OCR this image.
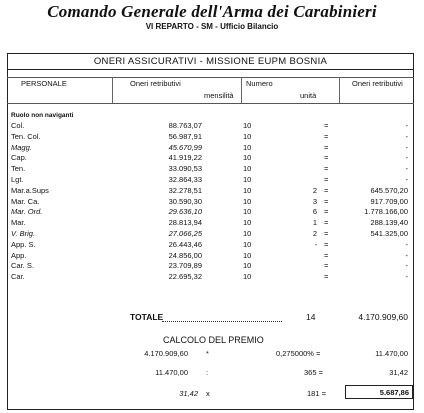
Comando Generale dell'Arma dei Carabinieri
VI REPARTO - SM - Ufficio Bilancio
ONERI ASSICURATIVI - MISSIONE EUPM BOSNIA
PERSONALE	Oneri retributivi	Numero	Oneri retributivi
mensilità	unità
Ruolo non naviganti
Col.	88.763,07	10	=	-
Ten. Col.	56.987,91	10	=	-
Magg.	45.670,99	10	=	-
Cap.	41.919,22	10	=	-
Ten.	33.090,53	10	=	-
Lgt.	32.864,33	10	=	-
Mar.a.Sups	32.278,51	10	2 =	645.570,20
Mar. Ca.	30.590,30	10	3 =	917.709,00
Mar. Ord.	29.636,10	10	6 =	1.778.166,00
Mar.	28.813,94	10	1 =	288.139,40
V. Brig.	27.066,25	10	2 =	541.325,00
App. S.	26.443,46	10	- =	-
App.	24.856,00	10	=	-
Car. S.	23.709,89	10	=	-
Car.	22.695,32	10	=	-
TOTALE	14	4.170.909,60
CALCOLO DEL PREMIO
4.170.909,60 *	0,275000% =	11.470,00
11.470,00 :	365 =	31,42
31,42 x	181 =	5.687,86
